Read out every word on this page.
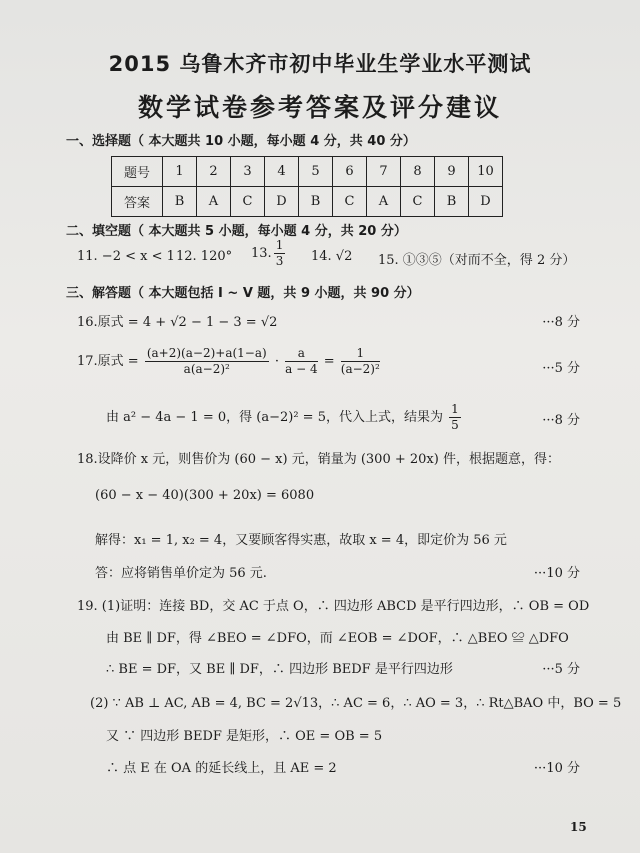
2015 乌鲁木齐市初中毕业生学业水平测试
数学试卷参考答案及评分建议
一、选择题（ 本大题共 10 小题，每小题 4 分，共 40 分）
题号	1	2	3	4	5	6	7	8	9	10
答案	B	A	C	D	B	C	A	C	B	D
二、填空题（ 本大题共 5 小题，每小题 4 分，共 20 分）
11. −2 < x < 1 12. 120° 13. $\frac{1}{3} 14$. √2 15. ①③⑤（对而不全，得 2 分）
三、解答题（ 本大题包括 Ⅰ ~ Ⅴ 题，共 9 小题，共 90 分）
16.原式 = 4 + √2 − 1 − 3 = √2	···8 分
17.原式 = $\frac{(a+2)(a-2)+a(1-a)}{\text{a(a−2)²}} \cdot \frac{a}{a - 4} = \frac{1}{\text{(a−2)²}}$	···5 分
由 a² − 4a − 1 = 0，得 (a−2)² = 5，代入上式，结果为 $\frac{1}{5}$	···8 分
18.设降价 x 元，则售价为 (60 − x) 元，销量为 (300 + 20x) 件，根据题意，得：
(60 − x − 40)(300 + 20x) = 6080
解得：x₁ = 1, x₂ = 4，又要顾客得实惠，故取 x = 4，即定价为 56 元
答：应将销售单价定为 56 元.	···10 分
19. (1)证明：连接 BD，交 AC 于点 O，∴ 四边形 ABCD 是平行四边形，∴ OB = OD
由 BE ∥ DF，得 ∠BEO = ∠DFO，而 ∠EOB = ∠DOF，∴ △BEO ≌ △DFO
∴ BE = DF，又 BE ∥ DF，∴ 四边形 BEDF 是平行四边形	···5 分
(2) ∵ AB ⊥ AC, AB = 4, BC = 2√13，∴ AC = 6，∴ AO = 3，∴ Rt△BAO 中，BO = 5
又 ∵ 四边形 BEDF 是矩形，∴ OE = OB = 5
∴ 点 E 在 OA 的延长线上，且 AE = 2	···10 分
15
